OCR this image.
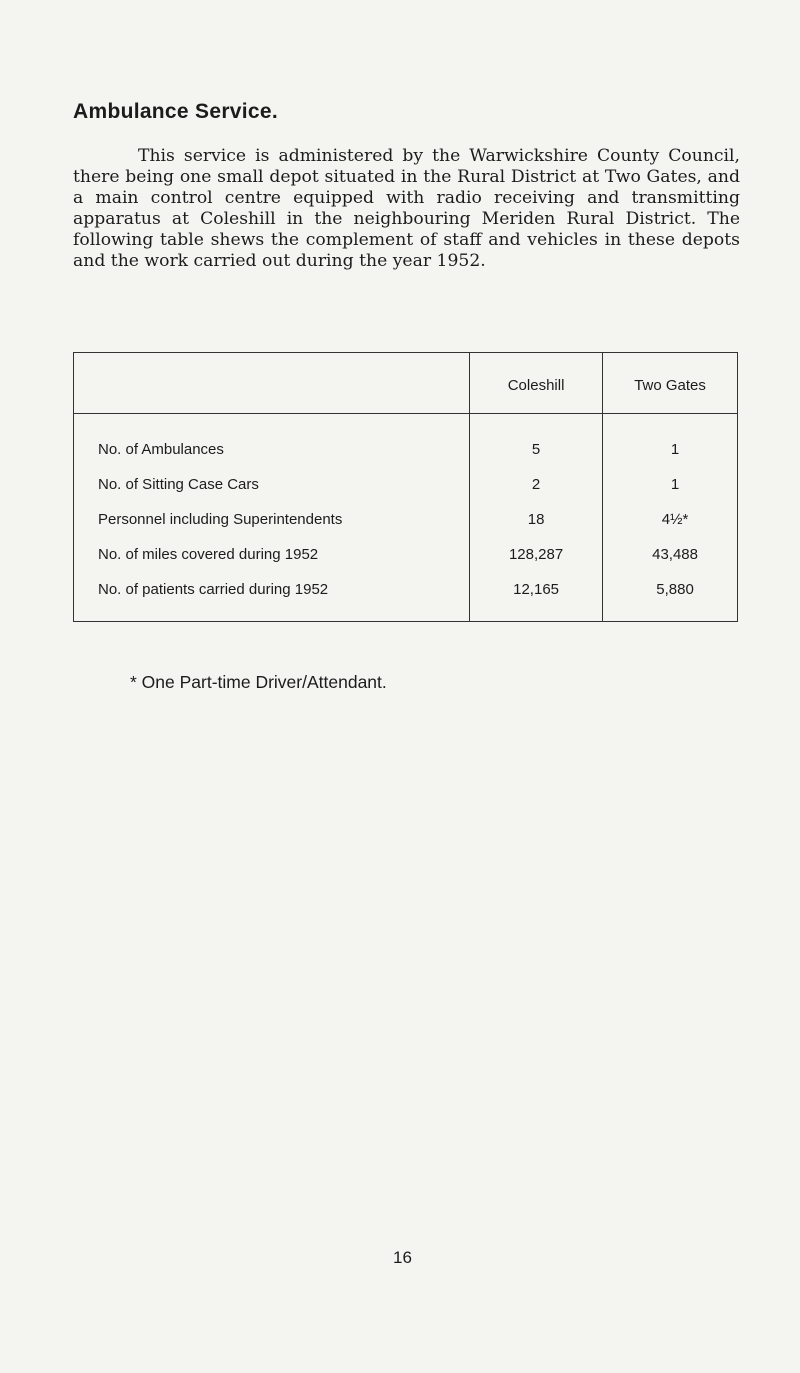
Ambulance Service.

This service is administered by the Warwickshire County Council, there being one small depot situated in the Rural District at Two Gates, and a main control centre equipped with radio receiving and transmitting apparatus at Coleshill in the neighbouring Meriden Rural District. The following table shews the complement of staff and vehicles in these depots and the work carried out during the year 1952.

	Coleshill	Two Gates
No. of Ambulances	5	1
No. of Sitting Case Cars	2	1
Personnel including Superintendents	18	4½*
No. of miles covered during 1952	128,287	43,488
No. of patients carried during 1952	12,165	5,880

* One Part-time Driver/Attendant.

16
